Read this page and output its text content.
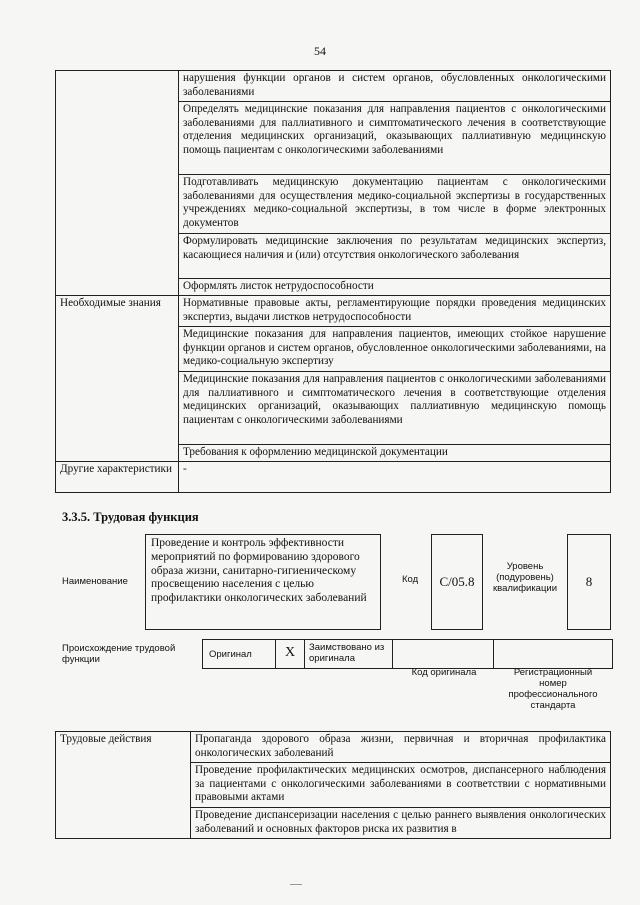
54
	нарушения функции органов и систем органов, обусловленных онкологическими заболеваниями
	Определять медицинские показания для направления пациентов с онкологическими заболеваниями для паллиативного и симптоматического лечения в соответствующие отделения медицинских организаций, оказывающих паллиативную медицинскую помощь пациентам с онкологическими заболеваниями
	Подготавливать медицинскую документацию пациентам с онкологическими заболеваниями для осуществления медико-социальной экспертизы в государственных учреждениях медико-социальной экспертизы, в том числе в форме электронных документов
	Формулировать медицинские заключения по результатам медицинских экспертиз, касающиеся наличия и (или) отсутствия онкологического заболевания
	Оформлять листок нетрудоспособности
Необходимые знания	Нормативные правовые акты, регламентирующие порядки проведения медицинских экспертиз, выдачи листков нетрудоспособности
	Медицинские показания для направления пациентов, имеющих стойкое нарушение функции органов и систем органов, обусловленное онкологическими заболеваниями, на медико-социальную экспертизу
	Медицинские показания для направления пациентов с онкологическими заболеваниями для паллиативного и симптоматического лечения в соответствующие отделения медицинских организаций, оказывающих паллиативную медицинскую помощь пациентам с онкологическими заболеваниями
	Требования к оформлению медицинской документации
Другие характеристики	-
3.3.5. Трудовая функция
Наименование
Проведение и контроль эффективности мероприятий по формированию здорового образа жизни, санитарно-гигиеническому просвещению населения с целью профилактики онкологических заболеваний
Код	C/05.8
Уровень (подуровень) квалификации	8
Происхождение трудовой функции	Оригинал	X	Заимствовано из оригинала
Код оригинала	Регистрационный номер профессионального стандарта
Трудовые действия	Пропаганда здорового образа жизни, первичная и вторичная профилактика онкологических заболеваний
Проведение профилактических медицинских осмотров, диспансерного наблюдения за пациентами с онкологическими заболеваниями в соответствии с нормативными правовыми актами
Проведение диспансеризации населения с целью раннего выявления онкологических заболеваний и основных факторов риска их развития в
